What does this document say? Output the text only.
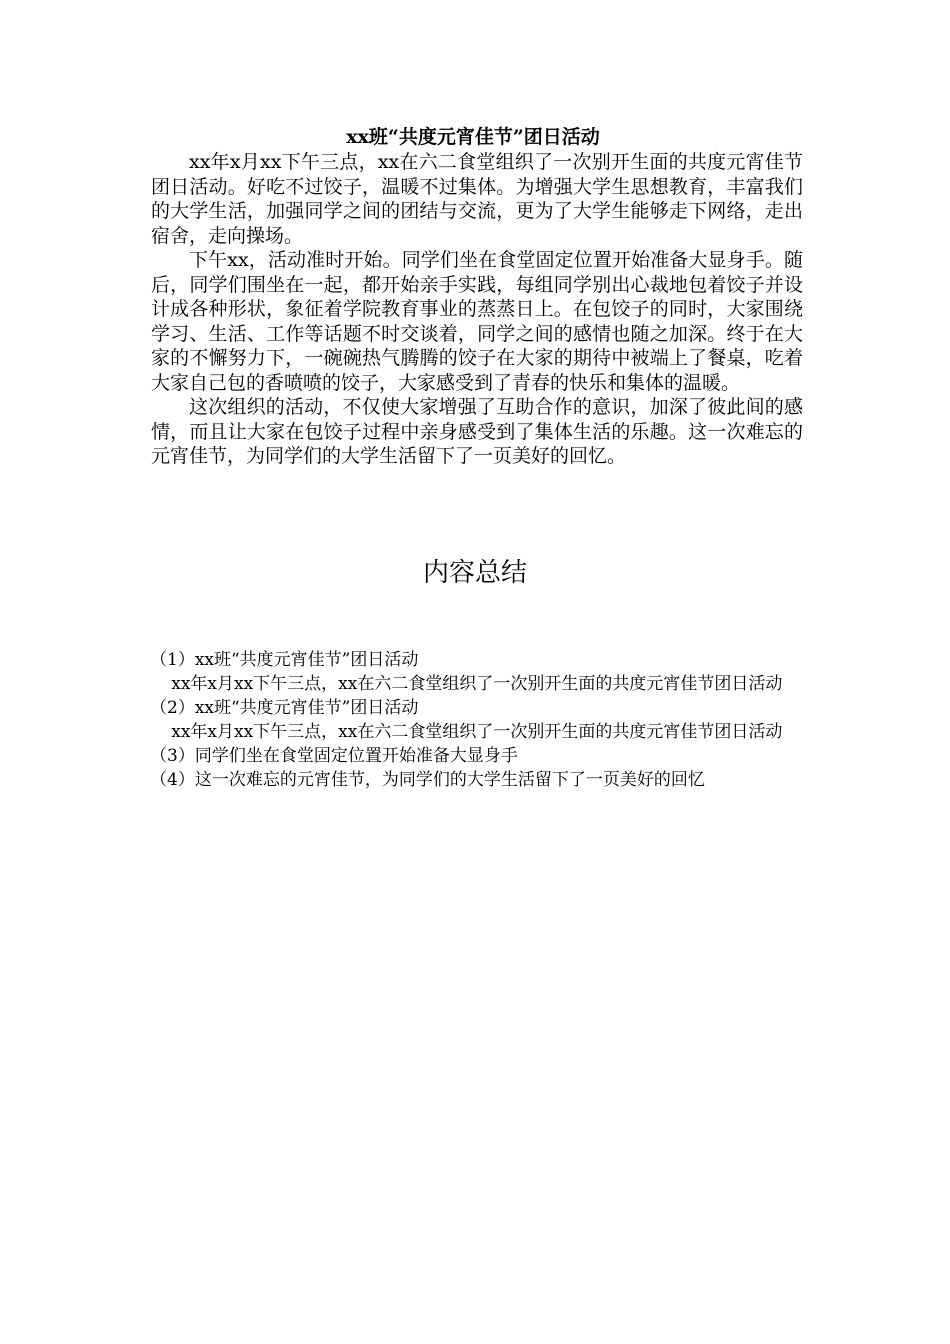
xx班“共度元宵佳节”团日活动

xx年x月xx下午三点，xx在六二食堂组织了一次别开生面的共度元宵佳节团日活动。好吃不过饺子，温暖不过集体。为增强大学生思想教育，丰富我们的大学生活，加强同学之间的团结与交流，更为了大学生能够走下网络，走出宿舍，走向操场。

下午xx，活动准时开始。同学们坐在食堂固定位置开始准备大显身手。随后，同学们围坐在一起，都开始亲手实践，每组同学别出心裁地包着饺子并设计成各种形状，象征着学院教育事业的蒸蒸日上。在包饺子的同时，大家围绕学习、生活、工作等话题不时交谈着，同学之间的感情也随之加深。终于在大家的不懈努力下，一碗碗热气腾腾的饺子在大家的期待中被端上了餐桌，吃着大家自己包的香喷喷的饺子，大家感受到了青春的快乐和集体的温暖。

这次组织的活动，不仅使大家增强了互助合作的意识，加深了彼此间的感情，而且让大家在包饺子过程中亲身感受到了集体生活的乐趣。这一次难忘的元宵佳节，为同学们的大学生活留下了一页美好的回忆。

内容总结

（1）xx班“共度元宵佳节”团日活动

xx年x月xx下午三点，xx在六二食堂组织了一次别开生面的共度元宵佳节团日活动

（2）xx班“共度元宵佳节”团日活动

xx年x月xx下午三点，xx在六二食堂组织了一次别开生面的共度元宵佳节团日活动

（3）同学们坐在食堂固定位置开始准备大显身手

（4）这一次难忘的元宵佳节，为同学们的大学生活留下了一页美好的回忆
